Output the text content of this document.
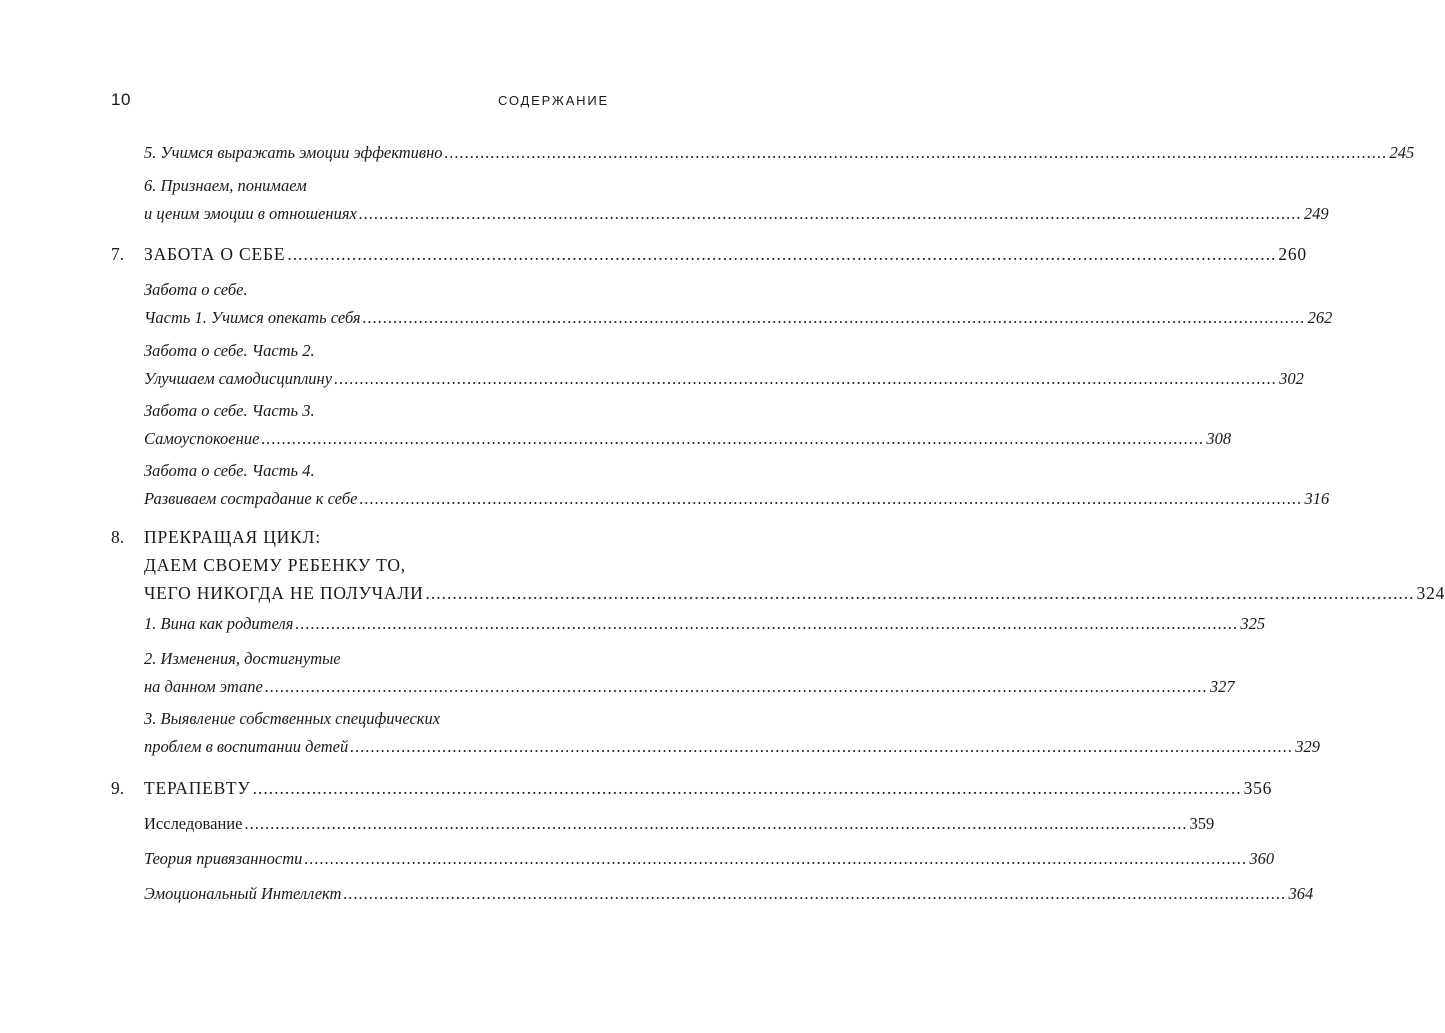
10	СОДЕРЖАНИЕ
5. Учимся выражать эмоции эффективно .....	245
6. Признаем, понимаем
и ценим эмоции в отношениях .....	249
7. ЗАБОТА О СЕБЕ .....	260
Забота о себе.
Часть 1. Учимся опекать себя .....	262
Забота о себе. Часть 2.
Улучшаем самодисциплину .....	302
Забота о себе. Часть 3.
Самоуспокоение .....	308
Забота о себе. Часть 4.
Развиваем сострадание к себе .....	316
8. ПРЕКРАЩАЯ ЦИКЛ:
ДАЕМ СВОЕМУ РЕБЕНКУ ТО,
ЧЕГО НИКОГДА НЕ ПОЛУЧАЛИ .....	324
1. Вина как родителя .....	325
2. Изменения, достигнутые
на данном этапе .....	327
3. Выявление собственных специфических
проблем в воспитании детей .....	329
9. ТЕРАПЕВТУ .....	356
Исследование .....	359
Теория привязанности .....	360
Эмоциональный Интеллект .....	364
